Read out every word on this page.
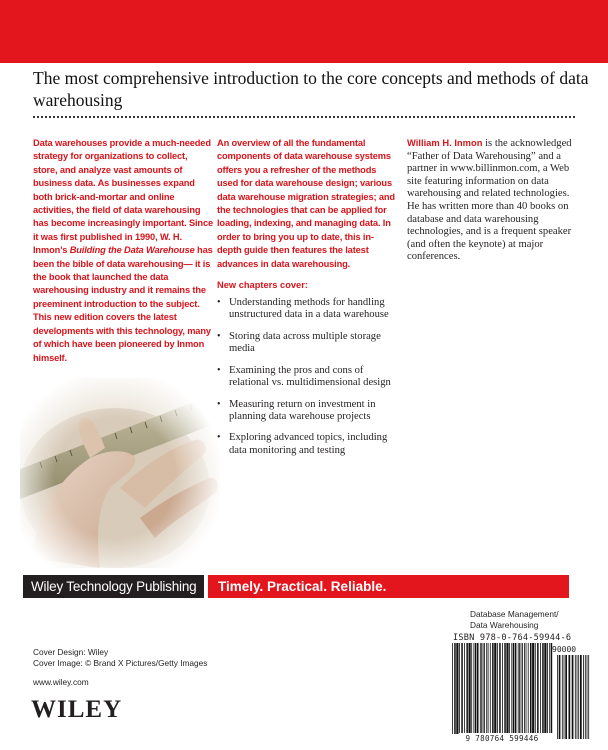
The most comprehensive introduction to the core concepts and methods of data warehousing

Data warehouses provide a much-needed strategy for organizations to collect, store, and analyze vast amounts of business data. As businesses expand both brick-and-mortar and online activities, the field of data warehousing has become increasingly important. Since it was first published in 1990, W. H. Inmon’s Building the Data Warehouse has been the bible of data warehousing— it is the book that launched the data warehousing industry and it remains the preeminent introduction to the subject. This new edition covers the latest developments with this technology, many of which have been pioneered by Inmon himself.

An overview of all the fundamental components of data warehouse systems offers you a refresher of the methods used for data warehouse design; various data warehouse migration strategies; and the technologies that can be applied for loading, indexing, and managing data. In order to bring you up to date, this in-depth guide then features the latest advances in data warehousing.

New chapters cover:

• Understanding methods for handling unstructured data in a data warehouse
• Storing data across multiple storage media
• Examining the pros and cons of relational vs. multidimensional design
• Measuring return on investment in planning data warehouse projects
• Exploring advanced topics, including data monitoring and testing

William H. Inmon is the acknowledged “Father of Data Warehousing” and a partner in www.billinmon.com, a Web site featuring information on data warehousing and related technologies. He has written more than 40 books on database and data warehousing technologies, and is a frequent speaker (and often the keynote) at major conferences.

Wiley Technology Publishing	Timely. Practical. Reliable.
Cover Design: Wiley
Cover Image: © Brand X Pictures/Getty Images
www.wiley.com
WILEY
Database Management/
Data Warehousing
ISBN 978-0-764-59944-6
90000
9 780764 599446
